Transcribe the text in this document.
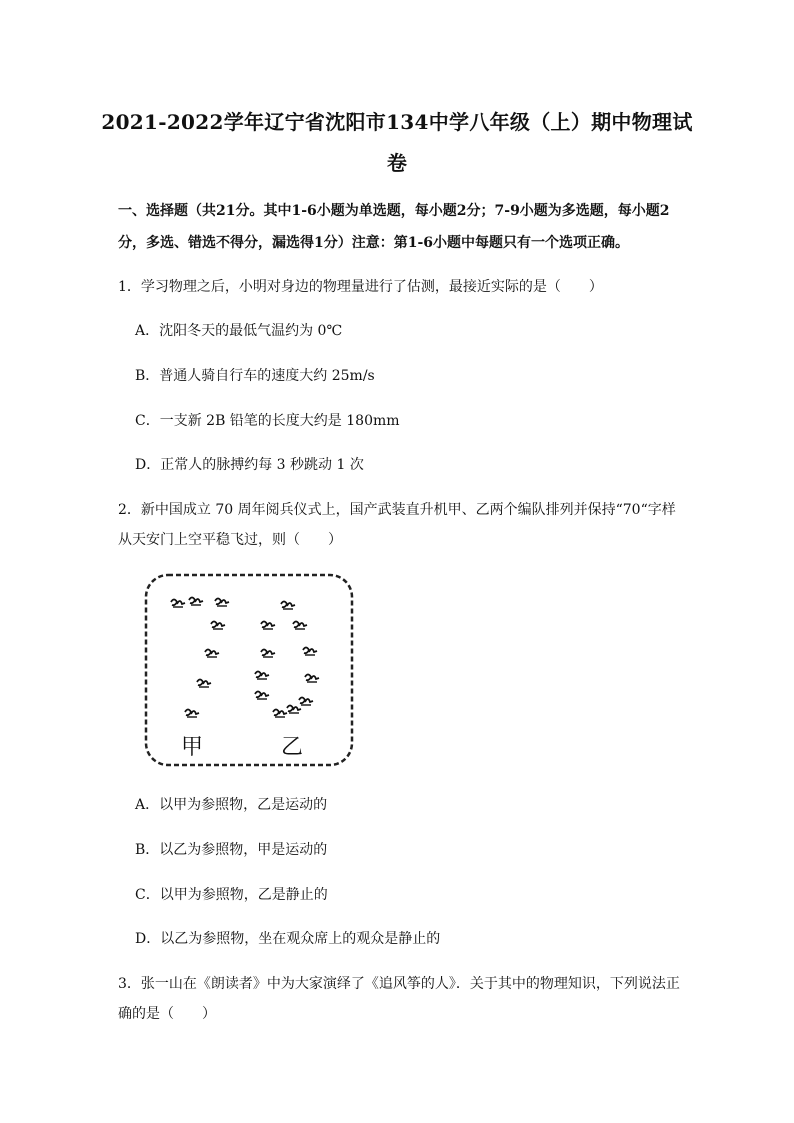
2021-2022学年辽宁省沈阳市134中学八年级（上）期中物理试
卷
一、选择题（共21分。其中1-6小题为单选题，每小题2分；7-9小题为多选题，每小题2
分，多选、错选不得分，漏选得1分）注意：第1-6小题中每题只有一个选项正确。
1．学习物理之后，小明对身边的物理量进行了估测，最接近实际的是（　　）
A．沈阳冬天的最低气温约为 0℃
B．普通人骑自行车的速度大约 25m/s
C．一支新 2B 铅笔的长度大约是 180mm
D．正常人的脉搏约每 3 秒跳动 1 次
2．新中国成立 70 周年阅兵仪式上，国产武装直升机甲、乙两个编队排列并保持“70“字样
从天安门上空平稳飞过，则（　　）
甲	乙
A．以甲为参照物，乙是运动的
B．以乙为参照物，甲是运动的
C．以甲为参照物，乙是静止的
D．以乙为参照物，坐在观众席上的观众是静止的
3．张一山在《朗读者》中为大家演绎了《追风筝的人》．关于其中的物理知识，下列说法正
确的是（　　）
